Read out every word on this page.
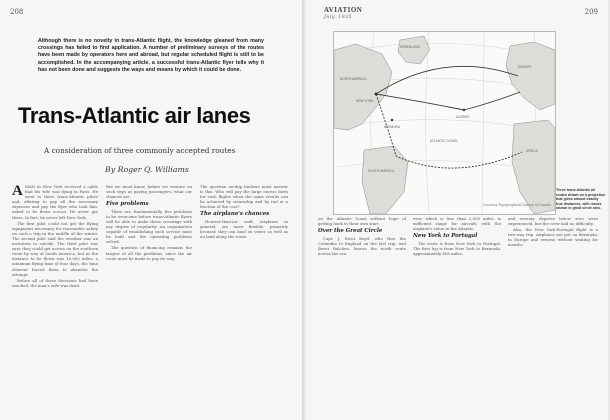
208
Although there is no novelty in trans-Atlantic flight, the knowledge gleaned from many crossings has failed to find application. A number of preliminary surveys of the routes have been made by operators here and abroad, but regular scheduled flight is still to be accomplished. In the accompanying article, a successful trans-Atlantic flyer tells why it has not been done and suggests the ways and means by which it could be done.
Trans-Atlantic air lanes
A consideration of three commonly accepted routes
By Roger Q. Williams
A MAN in New York received a cable that his wife was dying in Paris. He went to three trans-Atlantic pilots and, offering to pay all the necessary expenses and pay the flyer who took him, asked to be flown across. He never got there. In fact, he never left New York.

The first pilot could not get the flying equipment necessary for reasonable safety on such a trip in the middle of the winter. The second pilot said the weather was an invitation to suicide. The third pilot was sure they could get across on the southern route by way of South America, but as the distance to be flown was 10,000 miles, a minimum flying time of four days, the time element forced them to abandon the attempt.

Before all of these decisions had been reached, the man's wife was dead.

But we must know, before we venture on such trips as paying passengers, what our chances are.

Five problems

There are, fundamentally, five problems to be overcome before trans-Atlantic flyers will be able to make these crossings with any degree of regularity. An organization capable of establishing such service must be built and the operating problems solved.

The question of financing remains the largest of all the problems, since the air route must be made to pay its way.

The question airship backers must answer is this: Who will pay the large excess fares for such flights when the same results can be achieved by steamship and by rail at a fraction of the cost?

The airplane's chances

Heavier-than-air craft, airplanes in general, are more flexible, primarily because they can land on water as well as on land along the route.

AVIATION
July, 1935
209
NORTH AMERICA
EUROPE
AFRICA
NEW YORK
GREENLAND
AZORES
BERMUDA
SOUTH AMERICA
ATLANTIC OCEAN
Three trans-Atlantic air routes drawn on a projection that gives almost exactly true distances, with routes shown in great circle arcs.
Courtesy Topographical Survey of Canada

on the Atlantic Coast without hope of getting back to their own start.

Over the Great Circle

Capt. J. Errol Boyd, who flew the Columbia to England on the last trip, and Bernt Balchen, knows the north route across the sea.

ever, which is less than 2,500 miles, is sufficient range for aircraft, with the airplane's value in the Atlantic.

New York to Portugal

The route is from New York to Portugal. The first leg is from New York to Bermuda, approximately 800 miles.

and seventy degrees below zero were experienced, but the crew had no difficulty.

Also, the New York-Portugal flight is a two-way trip. Airplanes are put on Bermuda, in Europe and returns without waiting for months.
